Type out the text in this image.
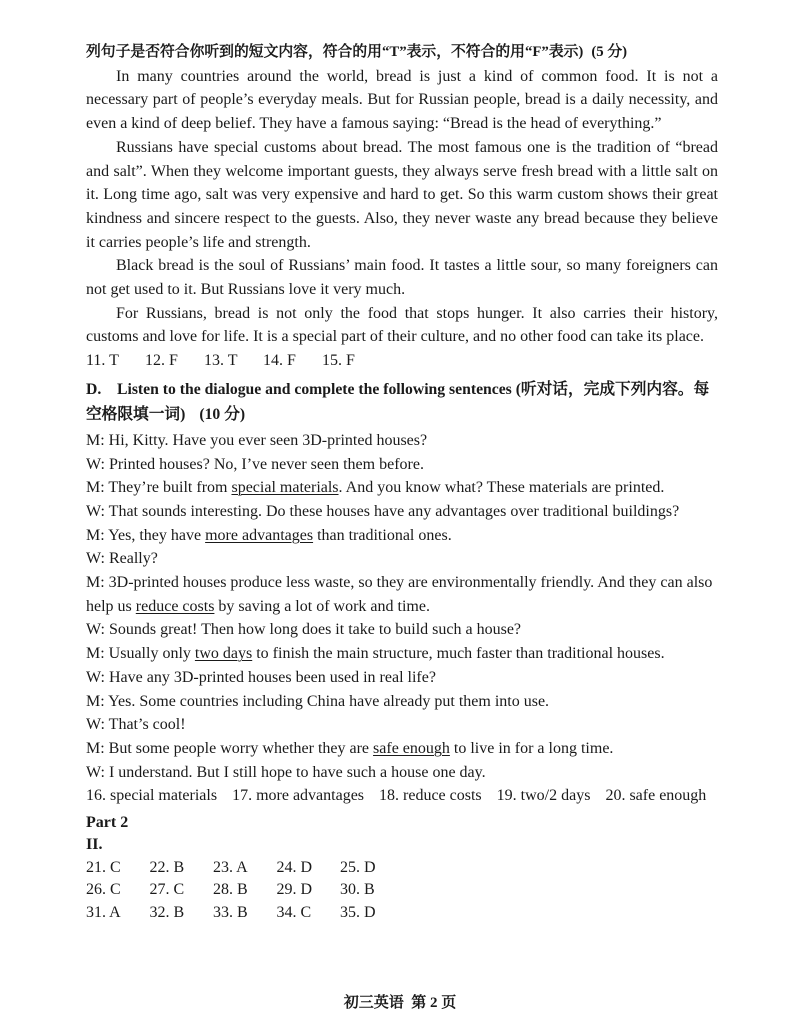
列句子是否符合你听到的短文内容，符合的用“T”表示，不符合的用“F”表示) (5 分)
In many countries around the world, bread is just a kind of common food. It is not a
necessary part of people’s everyday meals. But for Russian people, bread is a daily necessity, and
even a kind of deep belief. They have a famous saying: “Bread is the head of everything.”
Russians have special customs about bread. The most famous one is the tradition of “bread
and salt”. When they welcome important guests, they always serve fresh bread with a little salt on
it. Long time ago, salt was very expensive and hard to get. So this warm custom shows their great
kindness and sincere respect to the guests. Also, they never waste any bread because they believe
it carries people’s life and strength.
Black bread is the soul of Russians’ main food. It tastes a little sour, so many foreigners can
not get used to it. But Russians love it very much.
For Russians, bread is not only the food that stops hunger. It also carries their history,
customs and love for life. It is a special part of their culture, and no other food can take its place.
11. T	12. F	13. T	14. F	15. F
D. Listen to the dialogue and complete the following sentences (听对话，完成下列内容。每
空格限填一词) (10 分)
M: Hi, Kitty. Have you ever seen 3D-printed houses?
W: Printed houses? No, I’ve never seen them before.
M: They’re built from special materials. And you know what? These materials are printed.
W: That sounds interesting. Do these houses have any advantages over traditional buildings?
M: Yes, they have more advantages than traditional ones.
W: Really?
M: 3D-printed houses produce less waste, so they are environmentally friendly. And they can also help us reduce costs by saving a lot of work and time.
W: Sounds great! Then how long does it take to build such a house?
M: Usually only two days to finish the main structure, much faster than traditional houses.
W: Have any 3D-printed houses been used in real life?
M: Yes. Some countries including China have already put them into use.
W: That’s cool!
M: But some people worry whether they are safe enough to live in for a long time.
W: I understand. But I still hope to have such a house one day.
16. special materials 17. more advantages 18. reduce costs 19. two/2 days 20. safe enough
Part 2
II.
21. C 22. B 23. A 24. D 25. D
26. C 27. C 28. B 29. D 30. B
31. A 32. B 33. B 34. C 35. D
初三英语  第 2 页
